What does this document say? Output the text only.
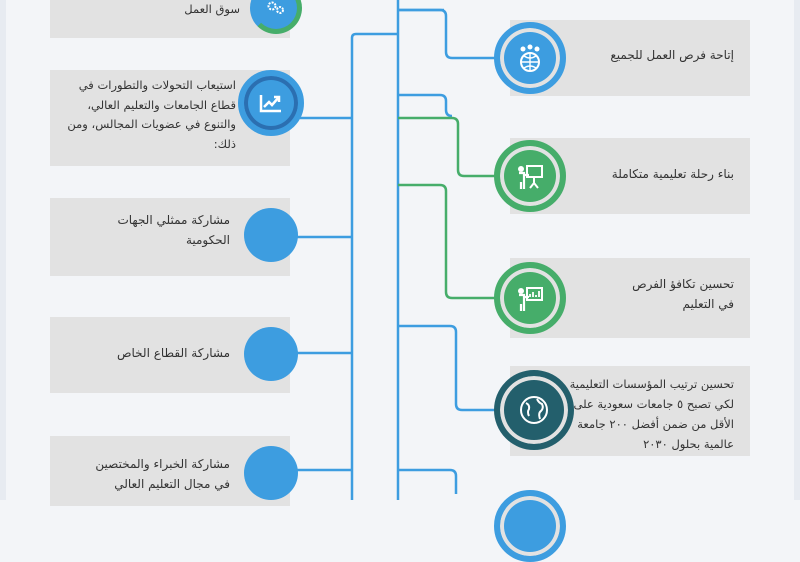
سوق العمل
استيعاب التحولات والتطورات في قطاع الجامعات والتعليم العالي، والتنوع في عضويات المجالس، ومن ذلك:
مشاركة ممثلي الجهات الحكومية
مشاركة القطاع الخاص
مشاركة الخبراء والمختصين في مجال التعليم العالي
إتاحة فرص العمل للجميع
بناء رحلة تعليمية متكاملة
تحسين تكافؤ الفرص في التعليم
تحسين ترتيب المؤسسات التعليمية لكي تصبح ٥ جامعات سعودية على الأقل من ضمن أفضل ٢٠٠ جامعة عالمية بحلول ٢٠٣٠
